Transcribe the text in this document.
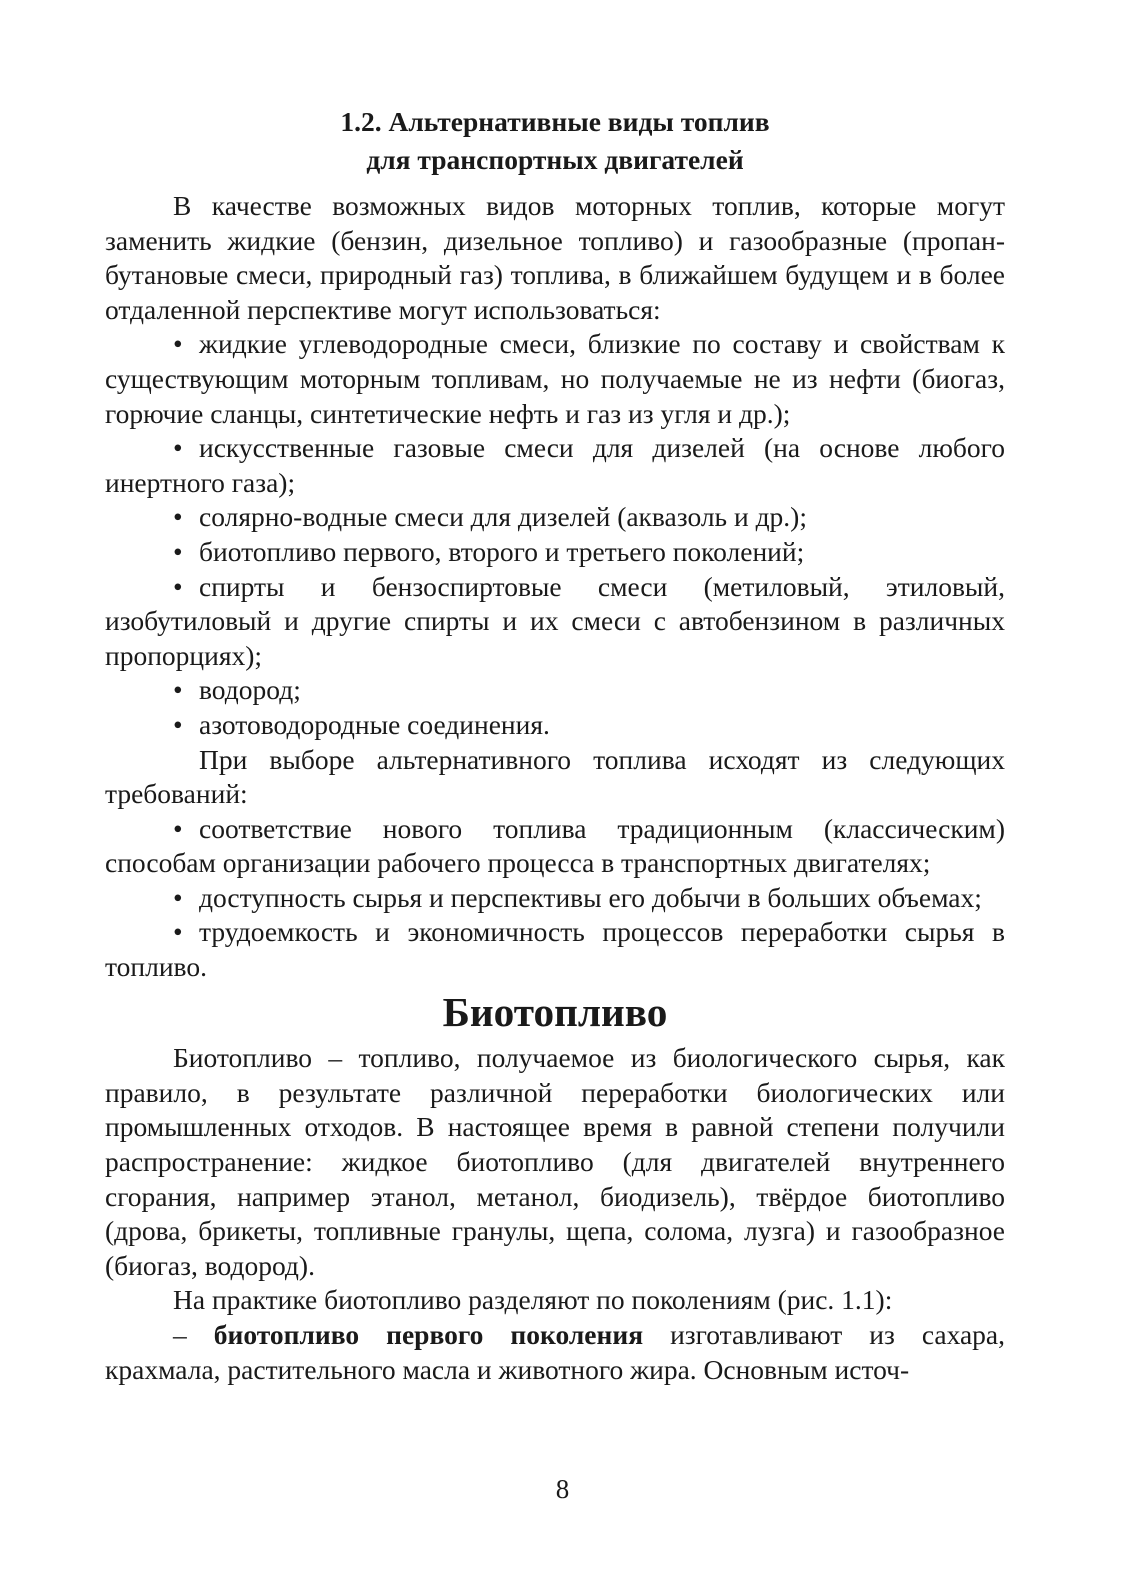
1.2. Альтернативные виды топлив
для транспортных двигателей

В качестве возможных видов моторных топлив, которые могут заменить жидкие (бензин, дизельное топливо) и газообразные (пропан-бутановые смеси, природный газ) топлива, в ближайшем будущем и в более отдаленной перспективе могут использоваться:

• жидкие углеводородные смеси, близкие по составу и свойствам к существующим моторным топливам, но получаемые не из нефти (биогаз, горючие сланцы, синтетические нефть и газ из угля и др.);

• искусственные газовые смеси для дизелей (на основе любого инертного газа);

• солярно-водные смеси для дизелей (аквазоль и др.);

• биотопливо первого, второго и третьего поколений;

• спирты и бензоспиртовые смеси (метиловый, этиловый, изобутиловый и другие спирты и их смеси с автобензином в различных пропорциях);

• водород;

• азотоводородные соединения.

При выборе альтернативного топлива исходят из следующих требований:

• соответствие нового топлива традиционным (классическим) способам организации рабочего процесса в транспортных двигателях;

• доступность сырья и перспективы его добычи в больших объемах;

• трудоемкость и экономичность процессов переработки сырья в топливо.

Биотопливо

Биотопливо – топливо, получаемое из биологического сырья, как правило, в результате различной переработки биологических или промышленных отходов. В настоящее время в равной степени получили распространение: жидкое биотопливо (для двигателей внутреннего сгорания, например этанол, метанол, биодизель), твёрдое биотопливо (дрова, брикеты, топливные гранулы, щепа, солома, лузга) и газообразное (биогаз, водород).

На практике биотопливо разделяют по поколениям (рис. 1.1):

– биотопливо первого поколения изготавливают из сахара, крахмала, растительного масла и животного жира. Основным источ-

8
